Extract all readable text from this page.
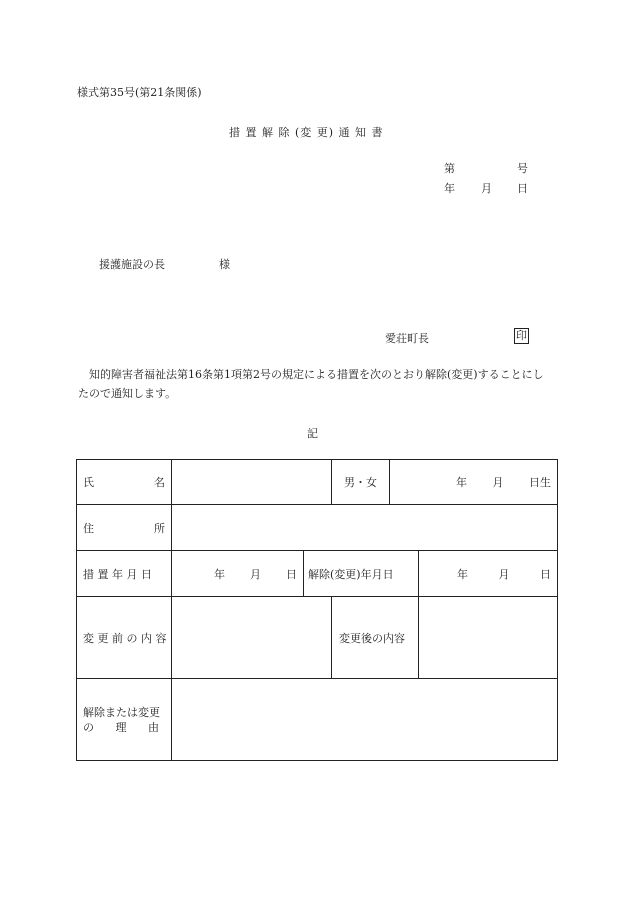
様式第35号(第21条関係)
措 置 解 除 (変 更) 通 知 書
第	号
年 月 日
援護施設の長	様
愛荘町長	印
知的障害者福祉法第16条第1項第2号の規定による措置を次のとおり解除(変更)することにしたので通知します。
記
氏 名			男・女	年 月 日生	

住 所					

措 置 年 月 日	年 月 日	解除(変更)年月日			年 月 日

変 更 前 の 内 容			変更後の内容		

解除または変更
の 理 由					
